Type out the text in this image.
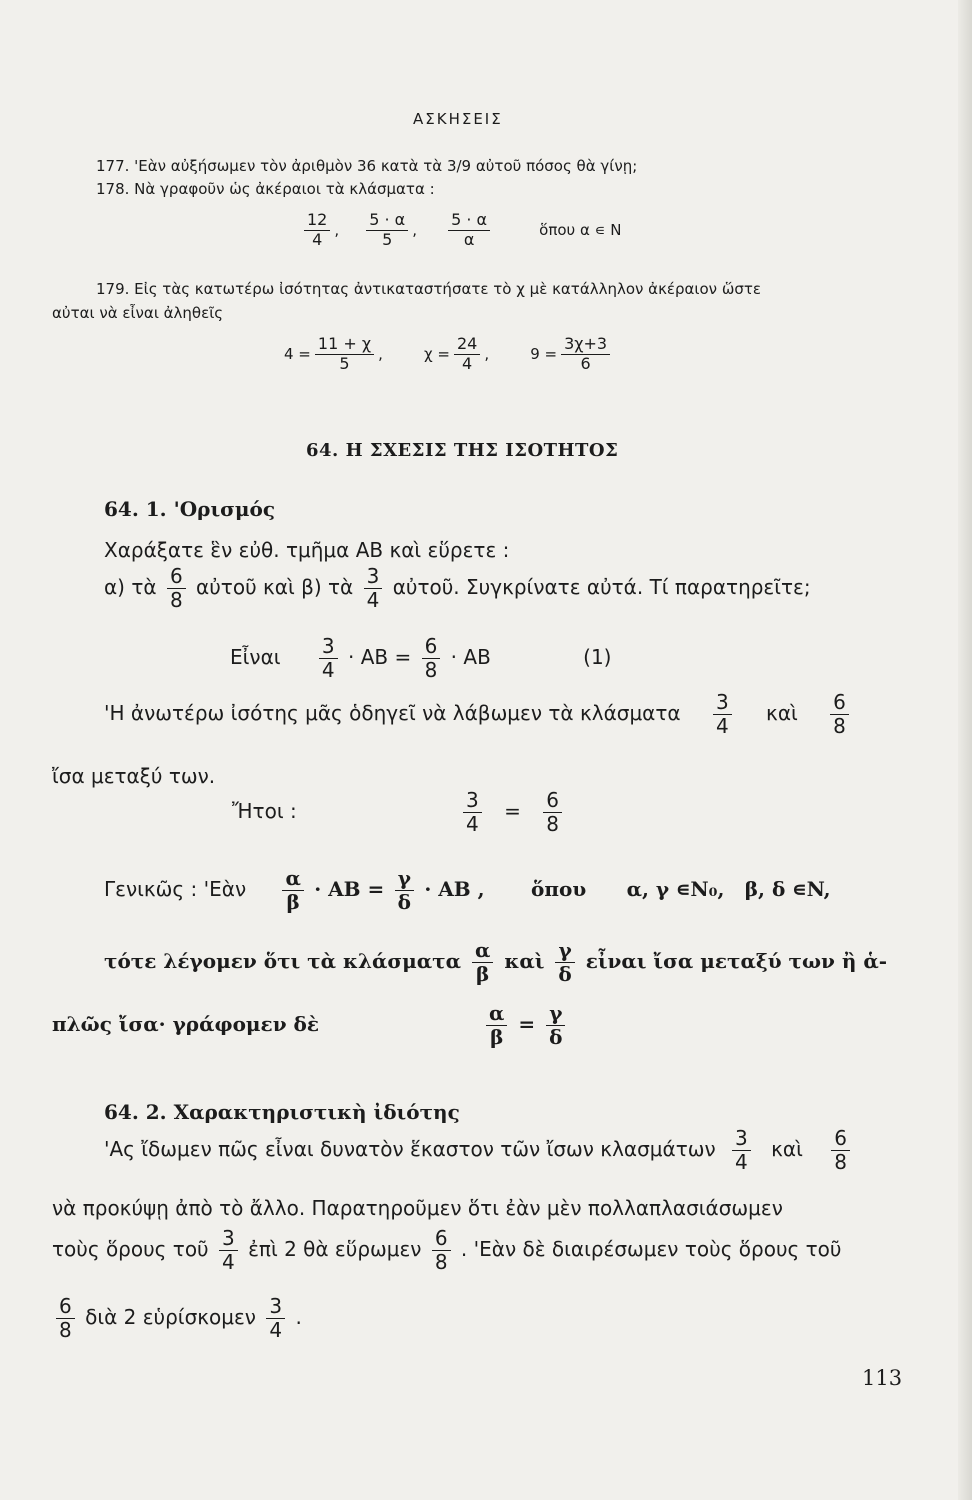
ΑΣΚΗΣΕΙΣ
177. 'Εὰν αὐξήσωμεν τὸν ἀριθμὸν 36 κατὰ τὰ 3/9 αὐτοῦ πόσος θὰ γίνῃ;
178. Νὰ γραφοῦν ὡς ἀκέραιοι τὰ κλάσματα :
$\frac{12}{4}$ , $\frac{5 \cdot \alpha}{5}$ , $\frac{5 \cdot \alpha}{\alpha}$	ὅπου α ∊ N
179. Εἰς τὰς κατωτέρω ἰσότητας ἀντικαταστήσατε τὸ χ μὲ κατάλληλον ἀκέραιον ὥστε
αὐται νὰ εἶναι ἀληθεῖς
$4 = \frac{11 + \chi}{5}$ ,	$\chi = \frac{24}{4}$ ,	$9 = \frac{3\chi+3}{6}$
64. Η ΣΧΕΣΙΣ ΤΗΣ ΙΣΟΤΗΤΟΣ
64. 1. 'Ορισμός
Χαράξατε ἓν εὐθ. τμῆμα ΑΒ καὶ εὕρετε :
α) τὰ $\frac{6}{8}$ αὐτοῦ καὶ β) τὰ $\frac{3}{4}$ αὐτοῦ. Συγκρίνατε αὐτά. Τί παρατηρεῖτε;
Εἶναι $\frac{3}{4} \cdot AB = \frac{6}{8} \cdot AB$	(1)
'Η ἀνωτέρω ἰσότης μᾶς ὁδηγεῖ νὰ λάβωμεν τὰ κλάσματα $\frac{3}{4}$ καὶ $\frac{6}{8}$
ἴσα μεταξύ των.
Ἤτοι :	$\frac{3}{4} = \frac{6}{8}$
Γενικῶς : 'Εὰν $\frac{\alpha}{\beta} \cdot AB = \frac{\gamma}{\delta} \cdot AB$ , ὅπου α, γ ∊N₀, β, δ ∊N,
τότε λέγομεν ὅτι τὰ κλάσματα $\frac{\alpha}{\beta}$ καὶ $\frac{\gamma}{\delta}$ εἶναι ἴσα μεταξύ των ἢ ἁ-
πλῶς ἴσα· γράφομεν δὲ	$\frac{\alpha}{\beta} = \frac{\gamma}{\delta}$
64. 2. Χαρακτηριστικὴ ἰδιότης
'Ας ἴδωμεν πῶς εἶναι δυνατὸν ἕκαστον τῶν ἴσων κλασμάτων $\frac{3}{4}$ καὶ $\frac{6}{8}$
νὰ προκύψῃ ἀπὸ τὸ ἄλλο. Παρατηροῦμεν ὅτι ἐὰν μὲν πολλαπλασιάσωμεν
τοὺς ὅρους τοῦ $\frac{3}{4}$ ἐπὶ 2 θὰ εὕρωμεν $\frac{6}{8}$ . 'Εὰν δὲ διαιρέσωμεν τοὺς ὅρους τοῦ
$\frac{6}{8}$ διὰ 2 εὑρίσκομεν $\frac{3}{4}$ .
113
